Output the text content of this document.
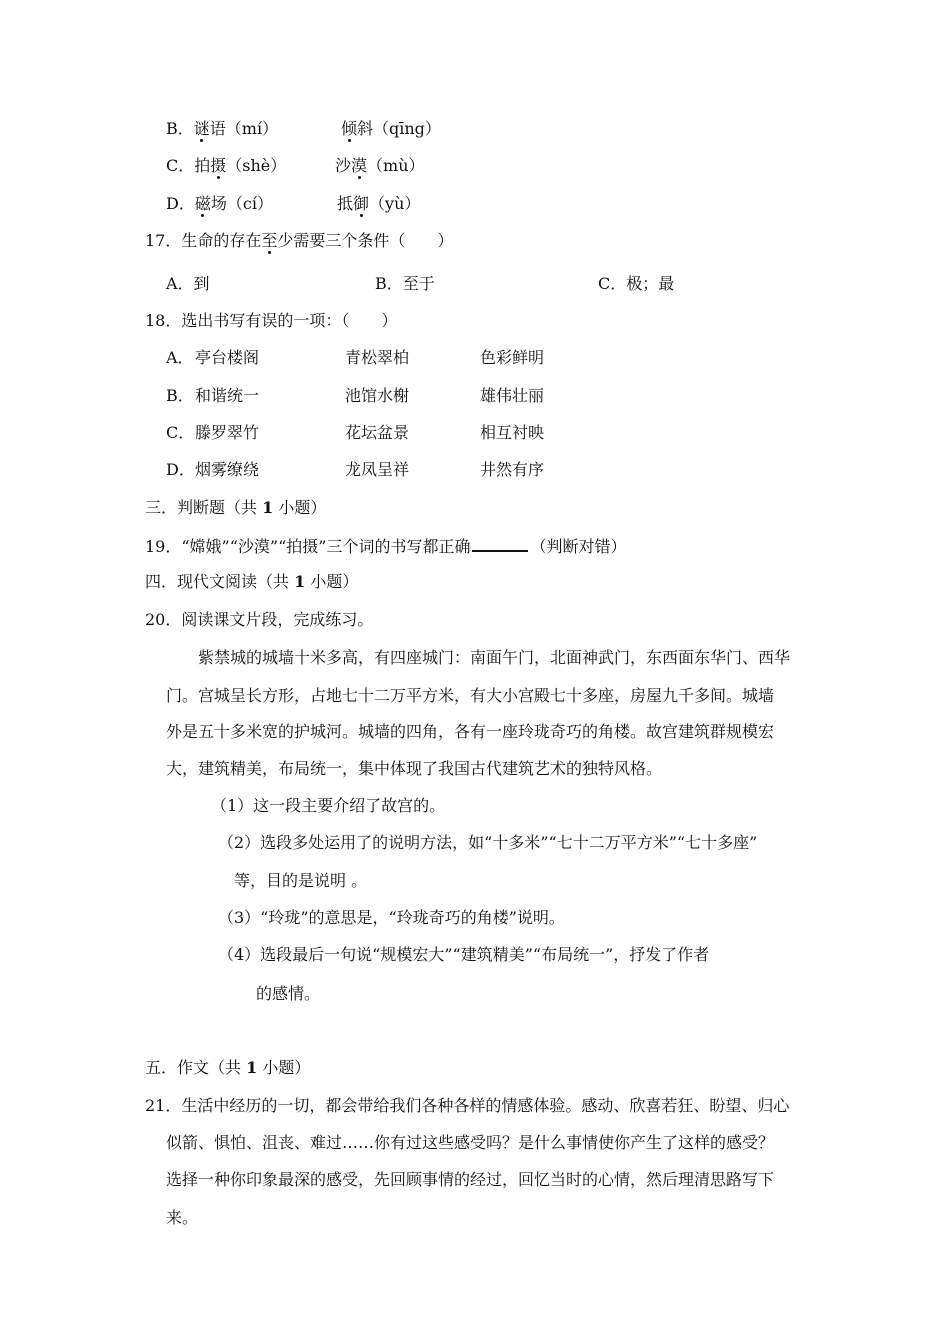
B．谜语（mí）	倾斜（qīng）
C．拍摄（shè）	沙漠（mù）
D．磁场（cí）	抵御（yù）
17．生命的存在至少需要三个条件（　　）
A．到	B．至于	C．极；最
18．选出书写有误的一项：（　　）
A． 亭台楼阁	青松翠柏	色彩鲜明
B． 和谐统一	池馆水榭	雄伟壮丽
C． 滕罗翠竹	花坛盆景	相互衬映
D． 烟雾缭绕	龙凤呈祥	井然有序
三．判断题（共 1 小题）
19．“嫦娥”“沙漠”“拍摄”三个词的书写都正确	（判断对错）
四．现代文阅读（共 1 小题）
20．阅读课文片段，完成练习。
紫禁城的城墙十米多高，有四座城门：南面午门，北面神武门，东西面东华门、西华
门。宫城呈长方形，占地七十二万平方米，有大小宫殿七十多座，房屋九千多间。城墙
外是五十多米宽的护城河。城墙的四角，各有一座玲珑奇巧的角楼。故宫建筑群规模宏
大，建筑精美，布局统一，集中体现了我国古代建筑艺术的独特风格。
（1）这一段主要介绍了故宫的。
（2）选段多处运用了的说明方法，如“十多米”“七十二万平方米”“七十多座”
等，目的是说明 。
（3）“玲珑”的意思是，“玲珑奇巧的角楼”说明。
（4）选段最后一句说“规模宏大”“建筑精美”“布局统一”，抒发了作者
的感情。
五．作文（共 1 小题）
21．生活中经历的一切，都会带给我们各种各样的情感体验。感动、欣喜若狂、盼望、归心
似箭、惧怕、沮丧、难过……你有过这些感受吗？是什么事情使你产生了这样的感受？
选择一种你印象最深的感受，先回顾事情的经过，回忆当时的心情，然后理清思路写下
来。
